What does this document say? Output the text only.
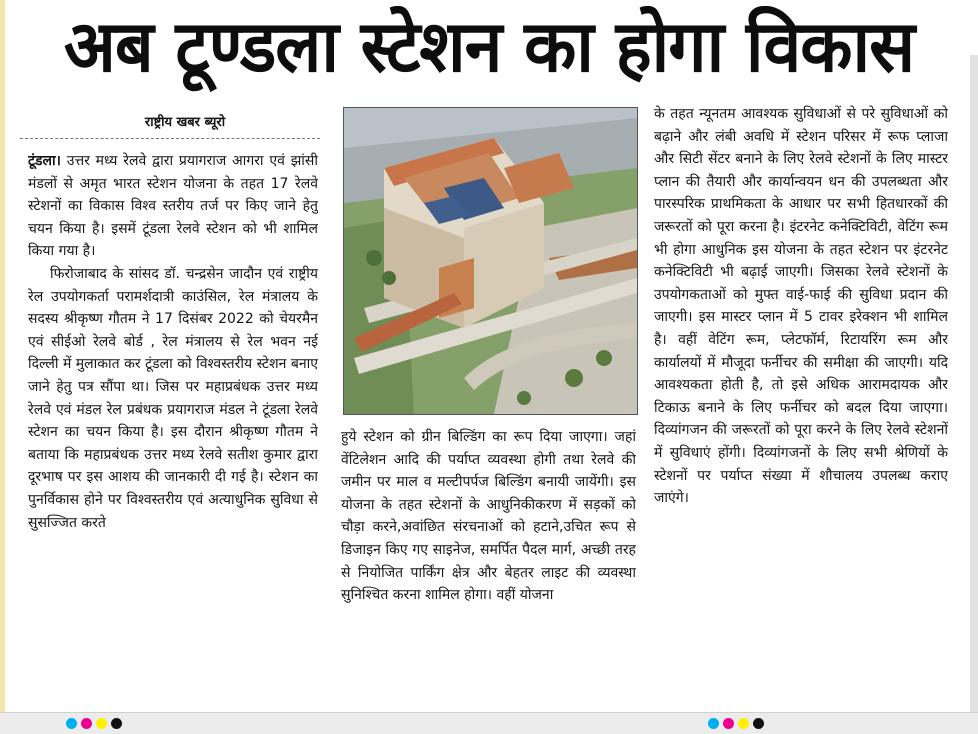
अब टूण्डला स्टेशन का होगा विकास
राष्ट्रीय खबर ब्यूरो

टूंडला। उत्तर मध्य रेलवे द्वारा प्रयागराज आगरा एवं झांसी मंडलों से अमृत भारत स्टेशन योजना के तहत 17 रेलवे स्टेशनों का विकास विश्व स्तरीय तर्ज पर किए जाने हेतु चयन किया है। इसमें टूंडला रेलवे स्टेशन को भी शामिल किया गया है।

फिरोजाबाद के सांसद डॉ. चन्द्रसेन जादौन एवं राष्ट्रीय रेल उपयोगकर्ता परामर्शदात्री काउंसिल, रेल मंत्रालय के सदस्य श्रीकृष्ण गौतम ने 17 दिसंबर 2022 को चेयरमैन एवं सीईओ रेलवे बोर्ड , रेल मंत्रालय से रेल भवन नई दिल्ली में मुलाकात कर टूंडला को विश्वस्तरीय स्टेशन बनाए जाने हेतु पत्र सौंपा था। जिस पर महाप्रबंधक उत्तर मध्य रेलवे एवं मंडल रेल प्रबंधक प्रयागराज मंडल ने टूंडला रेलवे स्टेशन का चयन किया है। इस दौरान श्रीकृष्ण गौतम ने बताया कि महाप्रबंधक उत्तर मध्य रेलवे सतीश कुमार द्वारा दूरभाष पर इस आशय की जानकारी दी गई है। स्टेशन का पुनर्विकास होने पर विश्वस्तरीय एवं अत्याधुनिक सुविधा से सुसज्जित करते

हुये स्टेशन को ग्रीन बिल्डिंग का रूप दिया जाएगा। जहां वेंटिलेशन आदि की पर्याप्त व्यवस्था होगी तथा रेलवे की जमीन पर माल व मल्टीपर्पज बिल्डिंग बनायी जायेंगी। इस योजना के तहत स्टेशनों के आधुनिकीकरण में सड़कों को चौड़ा करने,अवांछित संरचनाओं को हटाने,उचित रूप से डिजाइन किए गए साइनेज, समर्पित पैदल मार्ग, अच्छी तरह से नियोजित पार्किंग क्षेत्र और बेहतर लाइट की व्यवस्था सुनिश्चित करना शामिल होगा। वहीं योजना

के तहत न्यूनतम आवश्यक सुविधाओं से परे सुविधाओं को बढ़ाने और लंबी अवधि में स्टेशन परिसर में रूफ प्लाजा और सिटी सेंटर बनाने के लिए रेलवे स्टेशनों के लिए मास्टर प्लान की तैयारी और कार्यान्वयन धन की उपलब्धता और पारस्परिक प्राथमिकता के आधार पर सभी हितधारकों की जरूरतों को पूरा करना है। इंटरनेट कनेक्टिविटी, वेटिंग रूम भी होगा आधुनिक इस योजना के तहत स्टेशन पर इंटरनेट कनेक्टिविटी भी बढ़ाई जाएगी। जिसका रेलवे स्टेशनों के उपयोगकताओं को मुफ्त वाई-फाई की सुविधा प्रदान की जाएगी। इस मास्टर प्लान में 5 टावर इरेक्शन भी शामिल है। वहीं वेटिंग रूम, प्लेटफॉर्म, रिटायरिंग रूम और कार्यालयों में मौजूदा फर्नीचर की समीक्षा की जाएगी। यदि आवश्यकता होती है, तो इसे अधिक आरामदायक और टिकाऊ बनाने के लिए फर्नीचर को बदल दिया जाएगा। दिव्यांगजन की जरूरतों को पूरा करने के लिए रेलवे स्टेशनों में सुविधाएं होंगी। दिव्यांगजनों के लिए सभी श्रेणियों के स्टेशनों पर पर्याप्त संख्या में शौचालय उपलब्ध कराए जाएंगे।
